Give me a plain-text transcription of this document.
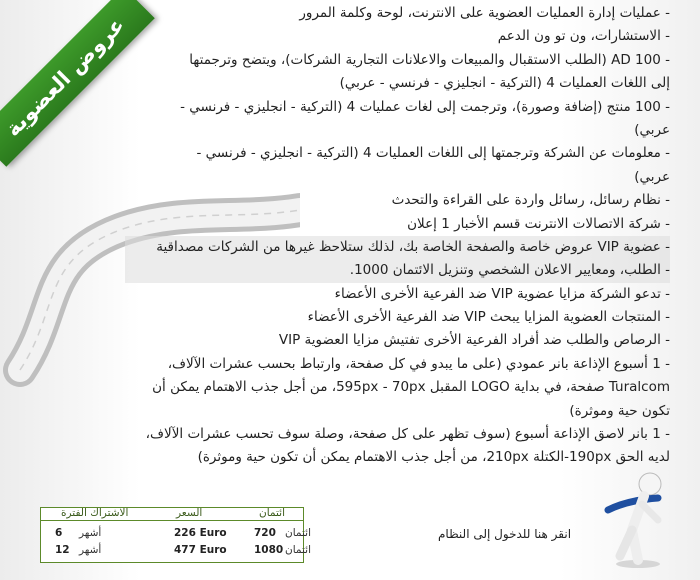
عروض العضوية	- عمليات إدارة العمليات العضوية على الانترنت، لوحة وكلمة المرور
- الاستشارات، ون تو ون الدعم
- 100 AD (الطلب الاستقبال والمبيعات والاعلانات التجارية الشركات)، ويتضح وترجمتها
إلى اللغات العمليات 4 (التركية - انجليزي - فرنسي - عربي)
- 100 منتج (إضافة وصورة)، وترجمت إلى لغات عمليات 4 (التركية - انجليزي - فرنسي -
عربي)
- معلومات عن الشركة وترجمتها إلى اللغات العمليات 4 (التركية - انجليزي - فرنسي -
عربي)
- نظام رسائل، رسائل واردة على القراءة والتحدث
- شركة الاتصالات الانترنت قسم الأخبار 1 إعلان
- عضوية VIP عروض خاصة والصفحة الخاصة بك، لذلك ستلاحظ غيرها من الشركات مصداقية
- الطلب، ومعايير الاعلان الشخصي وتنزيل الائتمان 1000.
- تدعو الشركة مزايا عضوية VIP ضد الفرعية الأخرى الأعضاء
- المنتجات العضوية المزايا يبحث VIP ضد الفرعية الأخرى الأعضاء
- الرصاص والطلب ضد أفراد الفرعية الأخرى تفتيش مزايا العضوية VIP
- 1 أسبوع الإذاعة بانر عمودي (على ما يبدو في كل صفحة، وارتباط بحسب عشرات الآلاف،
Turalcom صفحة، في بداية LOGO المقبل 595px - 70px، من أجل جذب الاهتمام يمكن أن
تكون حية وموثرة)
- 1 بانر لاصق الإذاعة أسبوع (سوف تظهر على كل صفحة، وصلة سوف تحسب عشرات الآلاف،
لديه الحق 190px-الكتلة 210px، من أجل جذب الاهتمام يمكن أن تكون حية وموثرة)
الاشتراك الفترة	السعر	ائتمان
6 أشهر	226 Euro	720 ائتمان
12 أشهر	477 Euro	1080 ائتمان
انقر هنا للدخول إلى النظام
